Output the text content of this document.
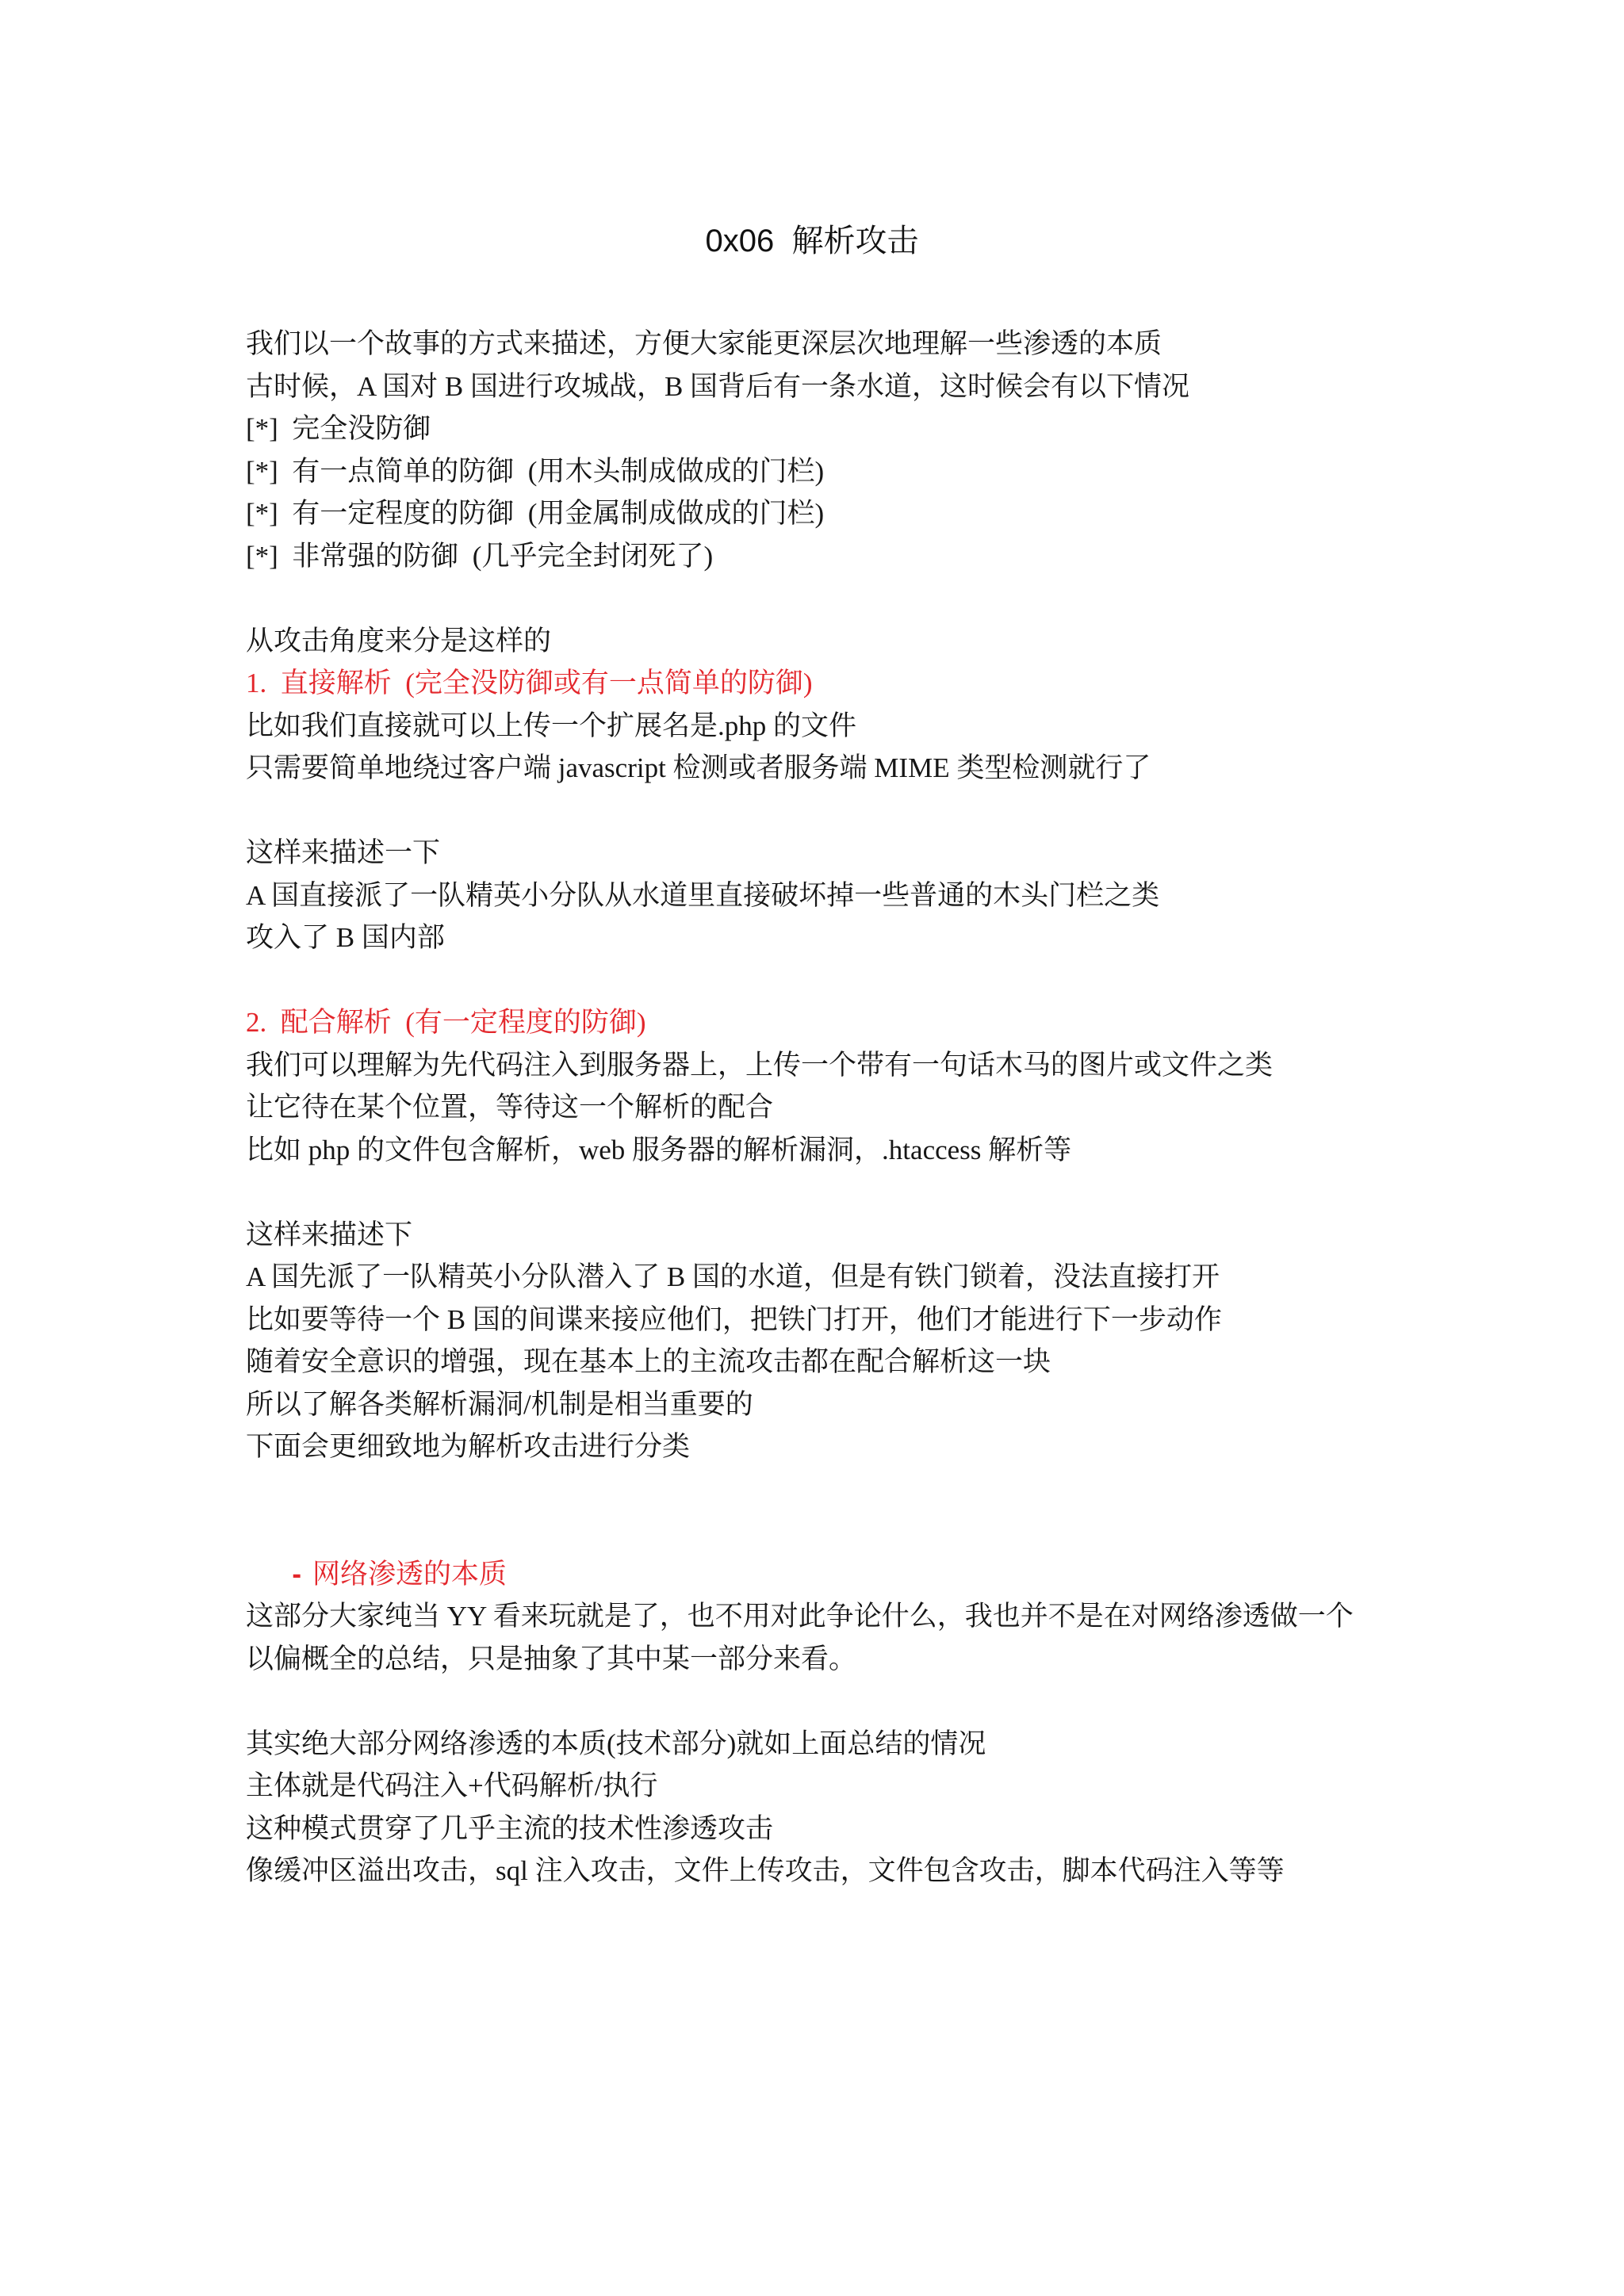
0x06  解析攻击
我们以一个故事的方式来描述，方便大家能更深层次地理解一些渗透的本质
古时候，A 国对 B 国进行攻城战，B 国背后有一条水道，这时候会有以下情况
[*]  完全没防御
[*]  有一点简单的防御  (用木头制成做成的门栏)
[*]  有一定程度的防御  (用金属制成做成的门栏)
[*]  非常强的防御  (几乎完全封闭死了)
从攻击角度来分是这样的
1.  直接解析  (完全没防御或有一点简单的防御)
比如我们直接就可以上传一个扩展名是.php 的文件
只需要简单地绕过客户端 javascript 检测或者服务端 MIME 类型检测就行了
这样来描述一下
A 国直接派了一队精英小分队从水道里直接破坏掉一些普通的木头门栏之类
攻入了 B 国内部
2.  配合解析  (有一定程度的防御)
我们可以理解为先代码注入到服务器上，上传一个带有一句话木马的图片或文件之类
让它待在某个位置，等待这一个解析的配合
比如 php 的文件包含解析，web 服务器的解析漏洞，.htaccess 解析等
这样来描述下
A 国先派了一队精英小分队潜入了 B 国的水道，但是有铁门锁着，没法直接打开
比如要等待一个 B 国的间谍来接应他们，把铁门打开，他们才能进行下一步动作
随着安全意识的增强，现在基本上的主流攻击都在配合解析这一块
所以了解各类解析漏洞/机制是相当重要的
下面会更细致地为解析攻击进行分类

- 网络渗透的本质

这部分大家纯当 YY 看来玩就是了，也不用对此争论什么，我也并不是在对网络渗透做一个
以偏概全的总结，只是抽象了其中某一部分来看。
其实绝大部分网络渗透的本质(技术部分)就如上面总结的情况
主体就是代码注入+代码解析/执行
这种模式贯穿了几乎主流的技术性渗透攻击
像缓冲区溢出攻击，sql 注入攻击，文件上传攻击，文件包含攻击，脚本代码注入等等
